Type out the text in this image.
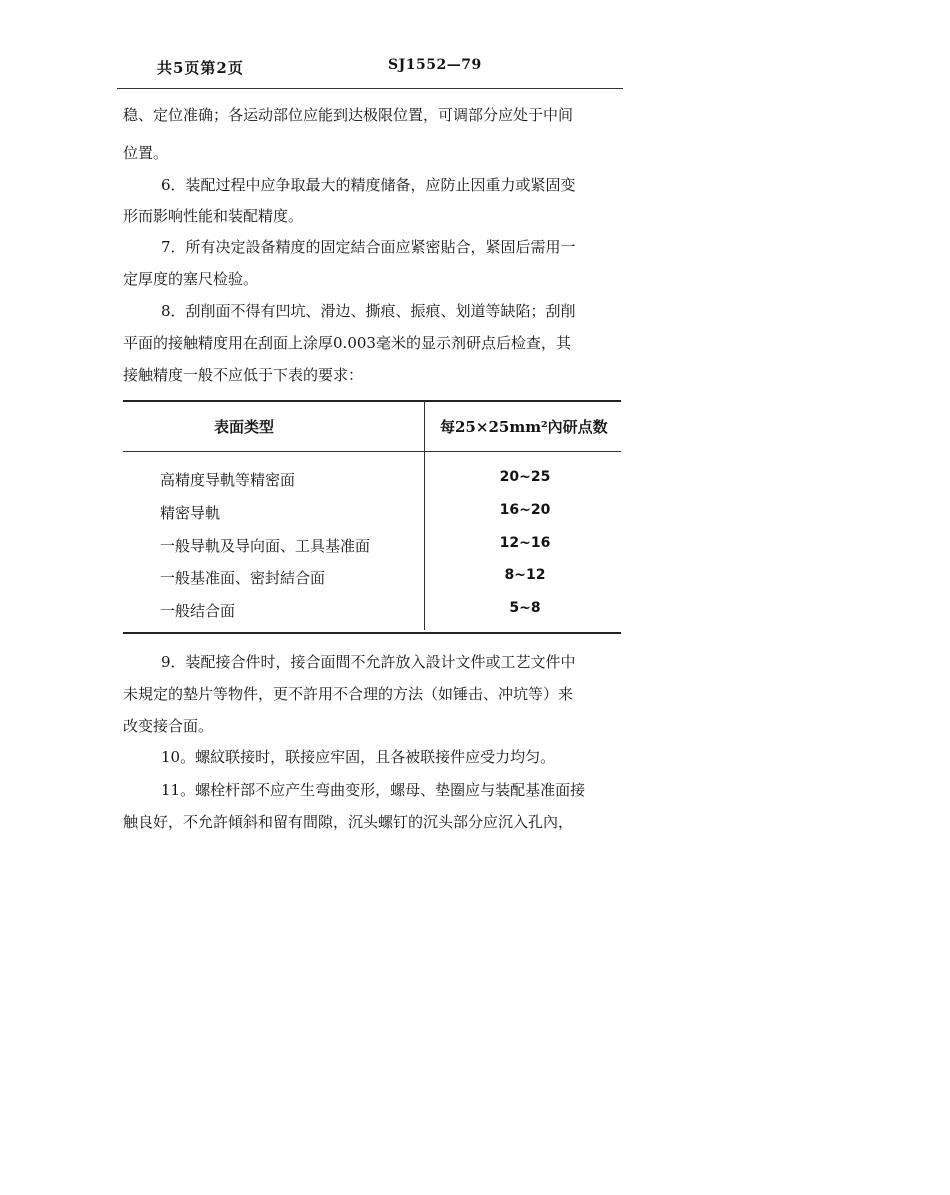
共5页第2页	SJ1552—79
稳、定位准确；各运动部位应能到达极限位置，可调部分应处于中间
位置。
6．装配过程中应争取最大的精度储备，应防止因重力或紧固变
形而影响性能和装配精度。
7．所有决定設备精度的固定結合面应紧密貼合，紧固后需用一
定厚度的塞尺检验。
8．刮削面不得有凹坑、滑边、撕痕、振痕、划道等缺陷；刮削
平面的接触精度用在刮面上涂厚0.003毫米的显示剂研点后检查，其
接触精度一般不应低于下表的要求：
表面类型	每25×25mm²內研点数
高精度导軌等精密面	20~25
精密导軌	16~20
一般导軌及导向面、工具基准面	12~16
一般基准面、密封結合面	8~12
一般结合面	5~8
9．装配接合件时，接合面間不允許放入設计文件或工艺文件中
未規定的墊片等物件，更不許用不合理的方法（如锤击、冲坑等）来
改变接合面。
10。螺紋联接时，联接应牢固，且各被联接件应受力均匀。
11。螺栓杆部不应产生弯曲变形，螺母、垫圈应与装配基准面接
触良好，不允許傾斜和留有間隙，沉头螺钉的沉头部分应沉入孔內，
